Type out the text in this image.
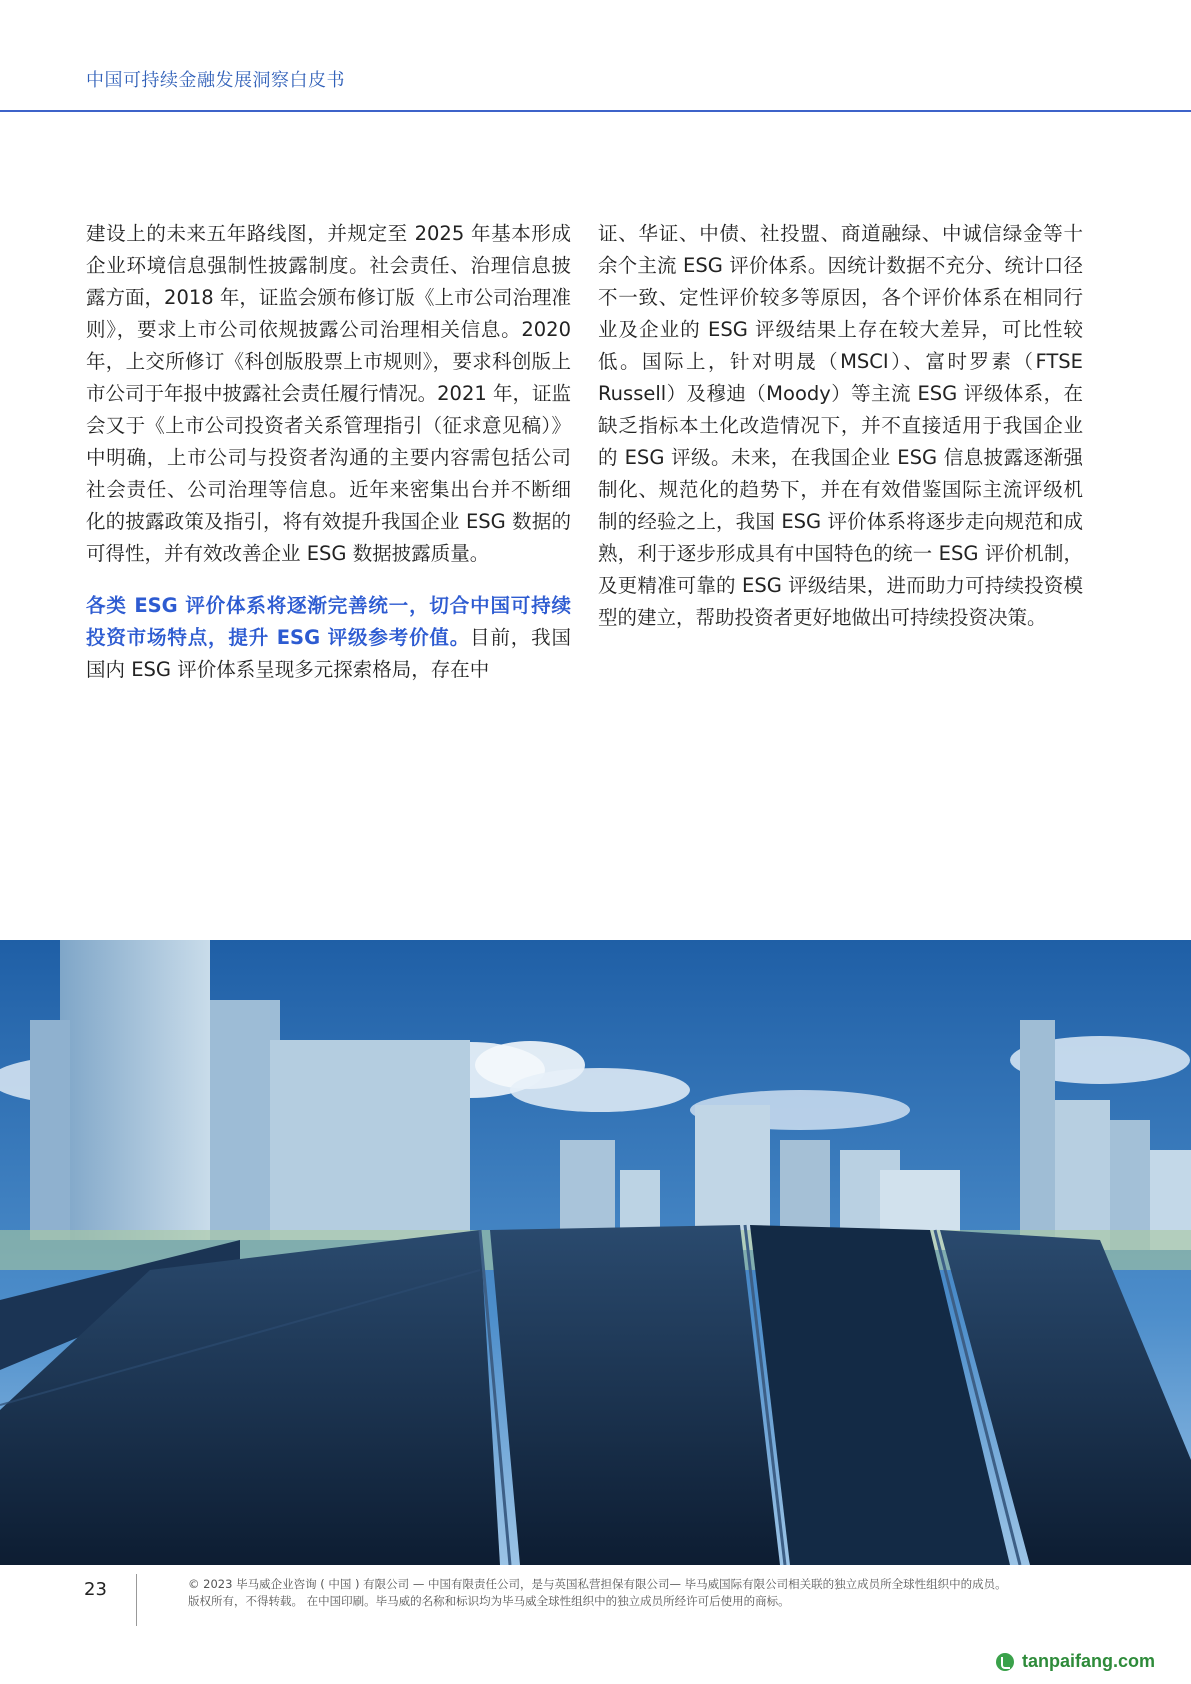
中国可持续金融发展洞察白皮书

建设上的未来五年路线图，并规定至 2025 年基本形成企业环境信息强制性披露制度。社会责任、治理信息披露方面，2018 年，证监会颁布修订版《上市公司治理准则》，要求上市公司依规披露公司治理相关信息。2020 年，上交所修订《科创版股票上市规则》，要求科创版上市公司于年报中披露社会责任履行情况。2021 年，证监会又于《上市公司投资者关系管理指引（征求意见稿）》中明确，上市公司与投资者沟通的主要内容需包括公司社会责任、公司治理等信息。近年来密集出台并不断细化的披露政策及指引，将有效提升我国企业 ESG 数据的可得性，并有效改善企业 ESG 数据披露质量。

各类 ESG 评价体系将逐渐完善统一，切合中国可持续投资市场特点，提升 ESG 评级参考价值。目前，我国国内 ESG 评价体系呈现多元探索格局，存在中

证、华证、中债、社投盟、商道融绿、中诚信绿金等十余个主流 ESG 评价体系。因统计数据不充分、统计口径不一致、定性评价较多等原因，各个评价体系在相同行业及企业的 ESG 评级结果上存在较大差异，可比性较低。国际上，针对明晟（MSCI）、富时罗素（FTSE Russell）及穆迪（Moody）等主流 ESG 评级体系，在缺乏指标本土化改造情况下，并不直接适用于我国企业的 ESG 评级。未来，在我国企业 ESG 信息披露逐渐强制化、规范化的趋势下，并在有效借鉴国际主流评级机制的经验之上，我国 ESG 评价体系将逐步走向规范和成熟，利于逐步形成具有中国特色的统一 ESG 评价机制，及更精准可靠的 ESG 评级结果，进而助力可持续投资模型的建立，帮助投资者更好地做出可持续投资决策。

23	© 2023 毕马威企业咨询 ( 中国 ) 有限公司 — 中国有限责任公司，是与英国私营担保有限公司— 毕马威国际有限公司相关联的独立成员所全球性组织中的成员。
版权所有，不得转载。 在中国印刷。毕马威的名称和标识均为毕马威全球性组织中的独立成员所经许可后使用的商标。
tanpaifang.com
